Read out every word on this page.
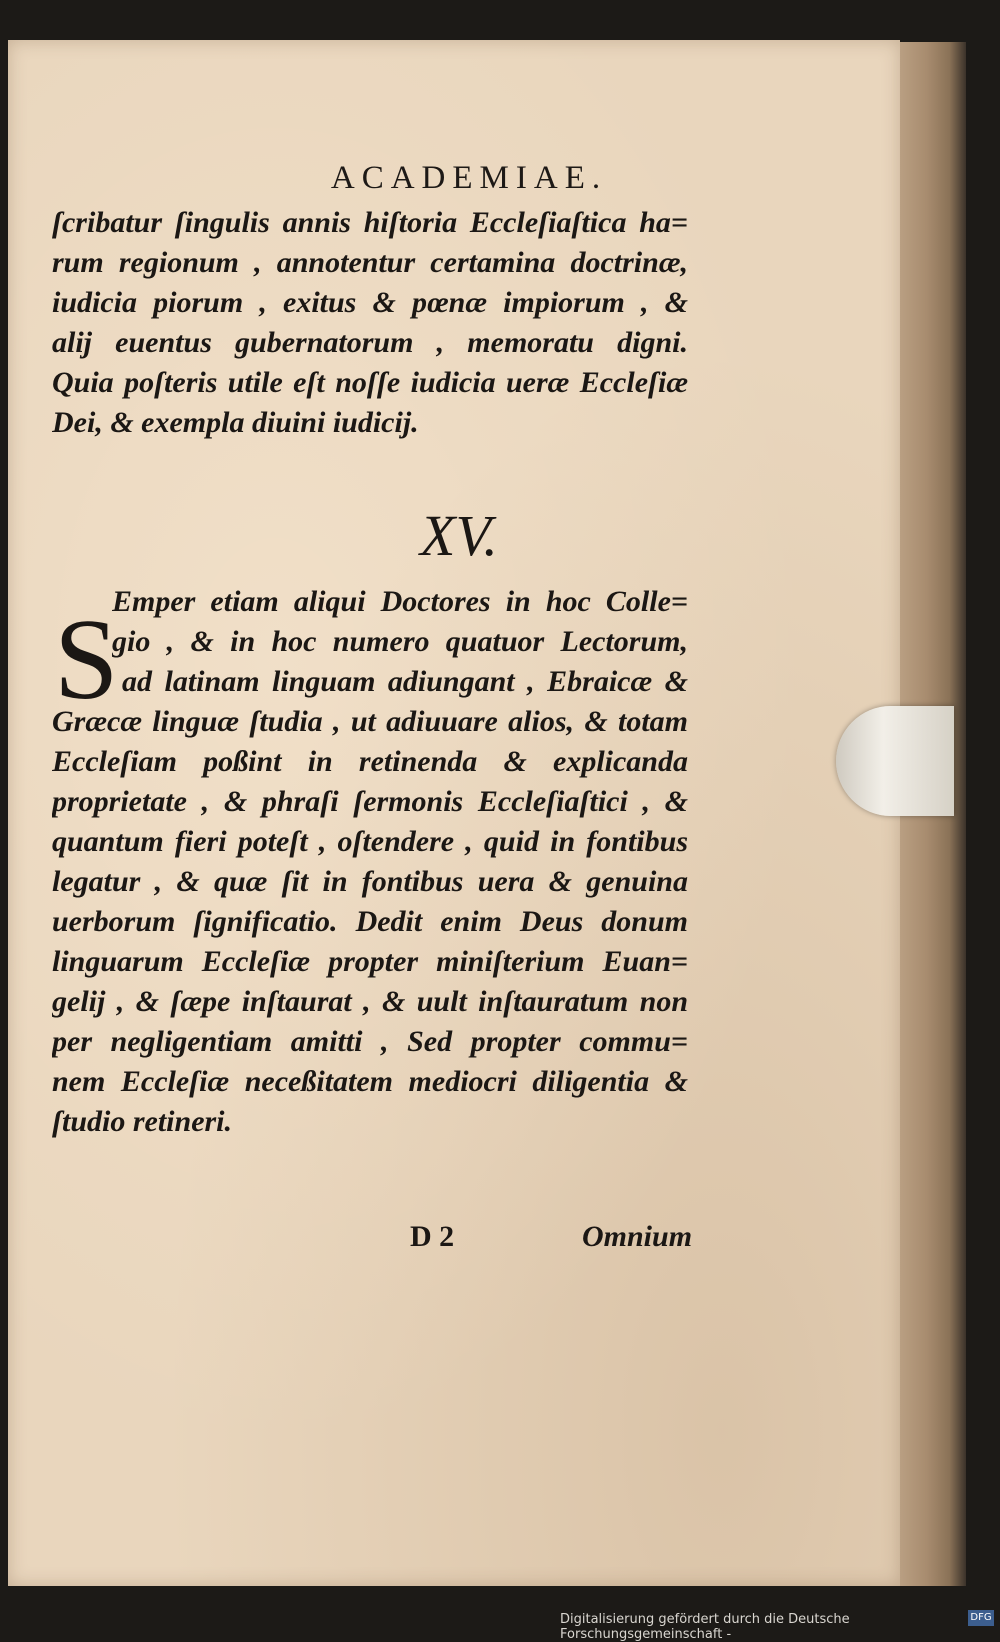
ACADEMIAE.
ſcribatur ſingulis annis hiſtoria Eccleſiaſtica ha=
rum regionum , annotentur certamina doctrinæ,
iudicia piorum , exitus & pœnæ impiorum , &
alij euentus gubernatorum , memoratu digni.
Quia poſteris utile eſt noſſe iudicia ueræ Eccleſiæ
Dei, & exempla diuini iudicij.
XV.
S
Emper etiam aliqui Doctores in hoc Colle=
gio , & in hoc numero quatuor Lectorum,
ad latinam linguam adiungant , Ebraicæ &
Græcæ linguæ ſtudia , ut adiuuare alios, & totam
Eccleſiam poßint in retinenda & explicanda
proprietate , & phraſi ſermonis Eccleſiaſtici , &
quantum fieri poteſt , oſtendere , quid in fontibus
legatur , & quæ ſit in fontibus uera & genuina
uerborum ſignificatio. Dedit enim Deus donum
linguarum Eccleſiæ propter miniſterium Euan=
gelij , & ſæpe inſtaurat , & uult inſtauratum non
per negligentiam amitti , Sed propter commu=
nem Eccleſiæ neceßitatem mediocri diligentia &
ſtudio retineri.
D 2	Omnium
Digitalisierung gefördert durch die Deutsche Forschungsgemeinschaft -
DFG
